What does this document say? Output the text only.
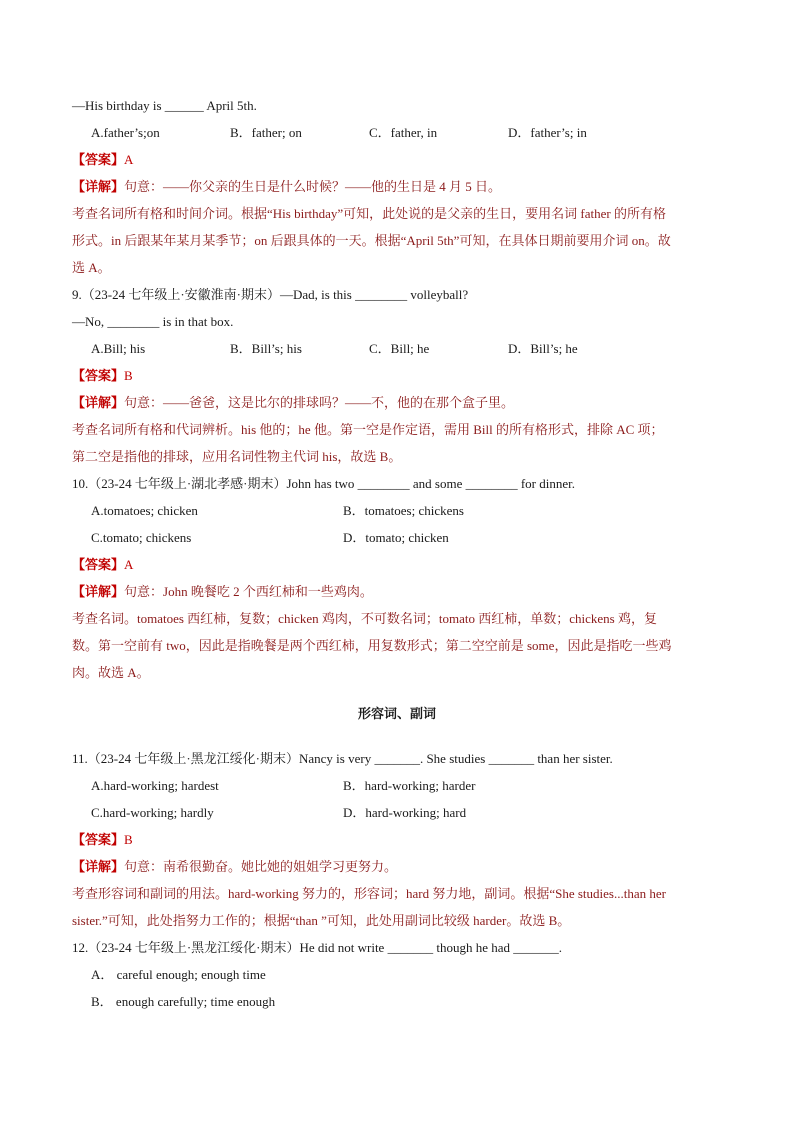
—His birthday is ______ April 5th.
A.father’s;on	B．father; on	C．father, in	D．father’s; in
【答案】A
【详解】句意：——你父亲的生日是什么时候？——他的生日是 4 月 5 日。
考查名词所有格和时间介词。根据“His birthday”可知，此处说的是父亲的生日，要用名词 father 的所有格
形式。in 后跟某年某月某季节；on 后跟具体的一天。根据“April 5th”可知，在具体日期前要用介词 on。故
选 A。
9.（23-24 七年级上·安徽淮南·期末）—Dad, is this ________ volleyball?
—No, ________ is in that box.
A.Bill; his	B．Bill’s; his	C．Bill; he	D．Bill’s; he
【答案】B
【详解】句意：——爸爸，这是比尔的排球吗？——不，他的在那个盒子里。
考查名词所有格和代词辨析。his 他的；he 他。第一空是作定语，需用 Bill 的所有格形式，排除 AC 项；
第二空是指他的排球，应用名词性物主代词 his，故选 B。
10.（23-24 七年级上·湖北孝感·期末）John has two ________ and some ________ for dinner.
A.tomatoes; chicken	B．tomatoes; chickens
C.tomato; chickens	D．tomato; chicken
【答案】A
【详解】句意：John 晚餐吃 2 个西红柿和一些鸡肉。
考查名词。tomatoes 西红柿，复数；chicken 鸡肉，不可数名词；tomato 西红柿，单数；chickens 鸡，复
数。第一空前有 two，因此是指晚餐是两个西红柿，用复数形式；第二空空前是 some，因此是指吃一些鸡
肉。故选 A。
形容词、副词
11.（23-24 七年级上·黑龙江绥化·期末）Nancy is very _______. She studies _______ than her sister.
A.hard-working; hardest	B．hard-working; harder
C.hard-working; hardly	D．hard-working; hard
【答案】B
【详解】句意：南希很勤奋。她比她的姐姐学习更努力。
考查形容词和副词的用法。hard-working 努力的，形容词；hard 努力地，副词。根据“She studies...than her
sister.”可知，此处指努力工作的；根据“than ”可知，此处用副词比较级 harder。故选 B。
12.（23-24 七年级上·黑龙江绥化·期末）He did not write _______ though he had _______.
A． careful enough; enough time
B． enough carefully; time enough
